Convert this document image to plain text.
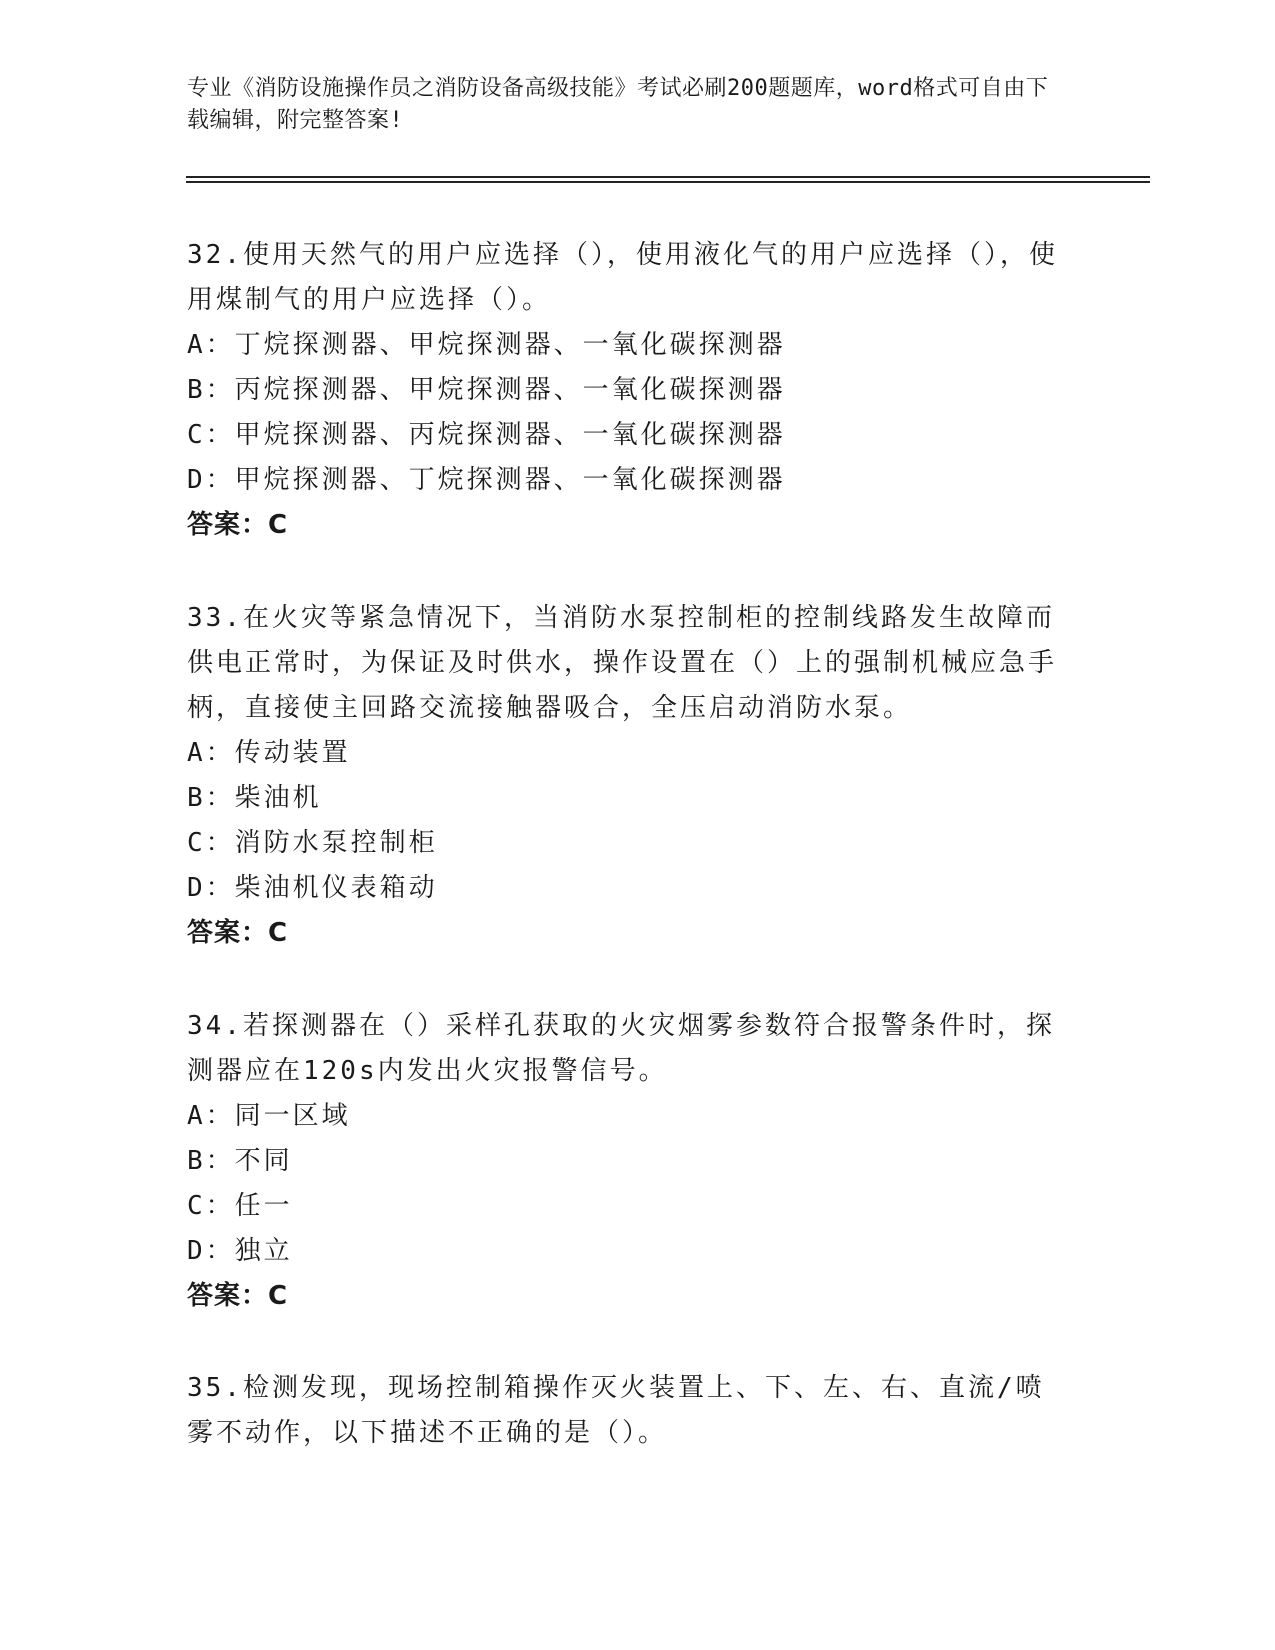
专业《消防设施操作员之消防设备高级技能》考试必刷200题题库，word格式可自由下载编辑，附完整答案!

32.使用天然气的用户应选择（），使用液化气的用户应选择（），使用煤制气的用户应选择（）。

A：丁烷探测器、甲烷探测器、一氧化碳探测器

B：丙烷探测器、甲烷探测器、一氧化碳探测器

C：甲烷探测器、丙烷探测器、一氧化碳探测器

D：甲烷探测器、丁烷探测器、一氧化碳探测器

答案：C

33.在火灾等紧急情况下，当消防水泵控制柜的控制线路发生故障而供电正常时，为保证及时供水，操作设置在（）上的强制机械应急手柄，直接使主回路交流接触器吸合，全压启动消防水泵。

A：传动装置

B：柴油机

C：消防水泵控制柜

D：柴油机仪表箱动

答案：C

34.若探测器在（）采样孔获取的火灾烟雾参数符合报警条件时，探测器应在120s内发出火灾报警信号。

A：同一区域

B：不同

C：任一

D：独立

答案：C

35.检测发现，现场控制箱操作灭火装置上、下、左、右、直流/喷雾不动作，以下描述不正确的是（）。
